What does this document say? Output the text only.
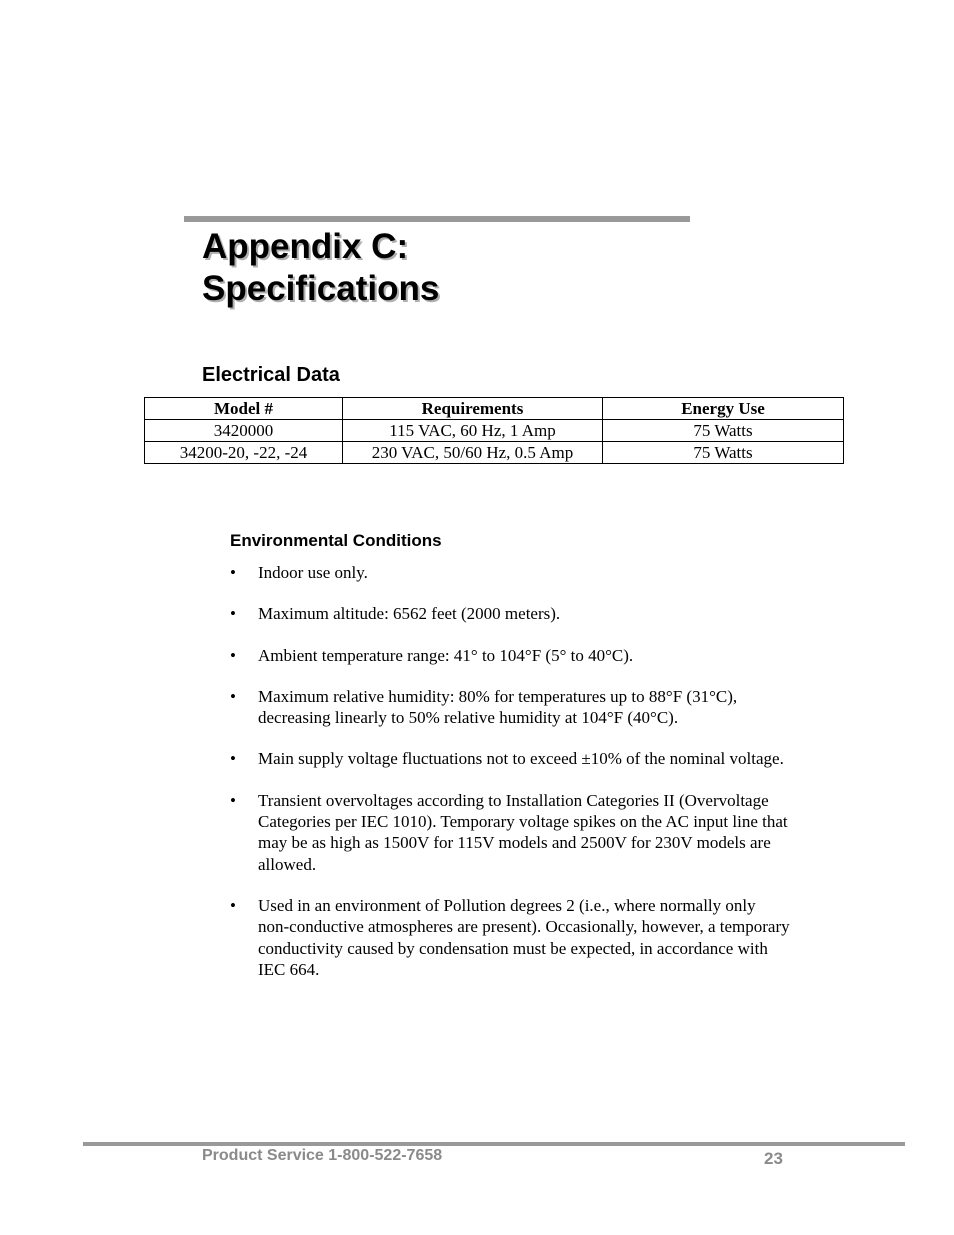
Appendix C:
Specifications
Electrical Data
Model #	Requirements	Energy Use
3420000	115 VAC, 60 Hz, 1 Amp	75 Watts
34200-20, -22, -24	230 VAC, 50/60 Hz, 0.5 Amp	75 Watts
Environmental Conditions
• Indoor use only.
• Maximum altitude: 6562 feet (2000 meters).
• Ambient temperature range: 41° to 104°F (5° to 40°C).
• Maximum relative humidity: 80% for temperatures up to 88°F (31°C), decreasing linearly to 50% relative humidity at 104°F (40°C).
• Main supply voltage fluctuations not to exceed ±10% of the nominal voltage.
• Transient overvoltages according to Installation Categories II (Overvoltage Categories per IEC 1010). Temporary voltage spikes on the AC input line that may be as high as 1500V for 115V models and 2500V for 230V models are allowed.
• Used in an environment of Pollution degrees 2 (i.e., where normally only non-conductive atmospheres are present). Occasionally, however, a temporary conductivity caused by condensation must be expected, in accordance with IEC 664.
Product Service 1-800-522-7658	23
